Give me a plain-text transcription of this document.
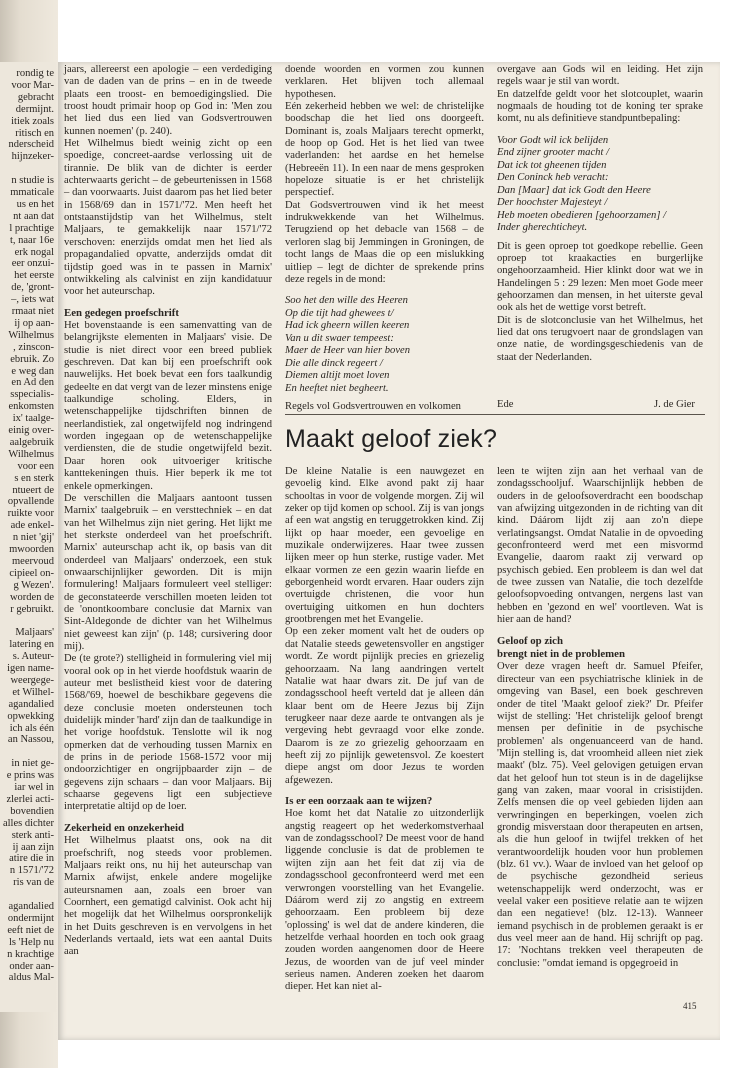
rondig te
voor Mar-
gebracht
dermijnt.
itiek zoals
ritisch en
nderscheid
hijnzeker-
n studie is
mmaticale
us en het
nt aan dat
l prachtige
t, naar 16e
erk nogal
eer onzui-
het eerste
de, 'gront-
–, iets wat
rmaat niet
ij op aan-
Wilhelmus
, zinscon-
ebruik. Zo
e weg dan
en Ad den
sspecialis-
enkomsten
ix' taalge-
einig over-
aalgebruik
Wilhelmus
voor een
s en sterk
ntueert de
opvallende
ruikte voor
ade enkel-
n niet 'gij'
mwoorden
meervoud
cipieel on-
g Wezen'.
worden de
r gebruikt.
Maljaars'
latering en
s. Auteur-
igen name-
weergege-
et Wilhel-
agandalied
opwekking
ich als één
an Nassou,
in niet ge-
e prins was
iar wel in
zlerlei acti-
bovendien
alles dichter
sterk anti-
ij aan zijn
atire die in
n 1571/'72
ris van de
agandalied
ondermijnt
eeft niet de
ls 'Help nu
n krachtige
onder aan-
aldus Mal-

jaars, allereerst een apologie – een verdediging van de daden van de prins – en in de tweede plaats een troost- en bemoedigingslied. Die troost houdt primair hoop op God in: 'Men zou het lied dus een lied van Godsvertrouwen kunnen noemen' (p. 240).

Het Wilhelmus biedt weinig zicht op een spoedige, concreet-aardse verlossing uit de tirannie. De blik van de dichter is eerder achterwaarts gericht – de gebeurtenissen in 1568 – dan voorwaarts. Juist daarom pas het lied beter in 1568/69 dan in 1571/'72. Men heeft het ontstaanstijdstip van het Wilhelmus, stelt Maljaars, te gemakkelijk naar 1571/'72 verschoven: enerzijds omdat men het lied als propagandalied opvatte, anderzijds omdat dit tijdstip goed was in te passen in Marnix' ontwikkeling als calvinist en zijn kandidatuur voor het auteurschap.

Een gedegen proefschrift

Het bovenstaande is een samenvatting van de belangrijkste elementen in Maljaars' visie. De studie is niet direct voor een breed publiek geschreven. Dat kan bij een proefschrift ook nauwelijks. Het boek bevat een fors taalkundig gedeelte en dat vergt van de lezer minstens enige taalkundige scholing. Elders, in wetenschappelijke tijdschriften binnen de neerlandistiek, zal ongetwijfeld nog indringend worden ingegaan op de wetenschappelijke verdiensten, die de studie ongetwijfeld bezit. Daar horen ook uitvoeriger kritische kanttekeningen thuis. Hier beperk ik me tot enkele opmerkingen.

De verschillen die Maljaars aantoont tussen Marnix' taalgebruik – en versttechniek – en dat van het Wilhelmus zijn niet gering. Het lijkt me het sterkste onderdeel van het proefschrift. Marnix' auteurschap acht ik, op basis van dit onderdeel van Maljaars' onderzoek, een stuk onwaarschijnlijker geworden. Dit is mijn formulering! Maljaars formuleert veel stelliger: de geconstateerde verschillen moeten leiden tot de 'onontkoombare conclusie dat Marnix van Sint-Aldegonde de dichter van het Wilhelmus niet geweest kan zijn' (p. 148; cursivering door mij).

De (te grote?) stelligheid in formulering viel mij vooral ook op in het vierde hoofdstuk waarin de auteur met beslistheid kiest voor de datering 1568/'69, hoewel de beschikbare gegevens die deze conclusie moeten ondersteunen toch duidelijk minder 'hard' zijn dan de taalkundige in het vorige hoofdstuk. Tenslotte wil ik nog opmerken dat de verhouding tussen Marnix en de prins in de periode 1568-1572 voor mij ondoorzichtiger en ongrijpbaarder zijn – de gegevens zijn schaars – dan voor Maljaars. Bij schaarse gegevens ligt een subjectieve interpretatie altijd op de loer.

Zekerheid en onzekerheid

Het Wilhelmus plaatst ons, ook na dit proefschrift, nog steeds voor problemen. Maljaars reikt ons, nu hij het auteurschap van Marnix afwijst, enkele andere mogelijke auteursnamen aan, zoals een broer van Coornhert, een gematigd calvinist. Ook acht hij het mogelijk dat het Wilhelmus oorspronkelijk in het Duits geschreven is en vervolgens in het Nederlands vertaald, iets wat een aantal Duits aan

doende woorden en vormen zou kunnen verklaren. Het blijven toch allemaal hypothesen.

Eén zekerheid hebben we wel: de christelijke boodschap die het lied ons doorgeeft. Dominant is, zoals Maljaars terecht opmerkt, de hoop op God. Het is het lied van twee vaderlanden: het aardse en het hemelse (Hebreeën 11). In een naar de mens gesproken hopeloze situatie is er het christelijk perspectief.

Dat Godsvertrouwen vind ik het meest indrukwekkende van het Wilhelmus. Terugziend op het debacle van 1568 – de verloren slag bij Jemmingen in Groningen, de tocht langs de Maas die op een mislukking uitliep – legt de dichter de sprekende prins deze regels in de mond:

Soo het den wille des Heeren
Op die tijt had ghewees t/
Had ick gheern willen keeren
Van u dit swaer tempeest:
Maer de Heer van hier boven
Die alle dinck regeert /
Diemen altijt moet loven
En heeftet niet begheert.

Regels vol Godsvertrouwen en volkomen

overgave aan Gods wil en leiding. Het zijn regels waar je stil van wordt.

En datzelfde geldt voor het slotcouplet, waarin nogmaals de houding tot de koning ter sprake komt, nu als definitieve standpuntbepaling:

Voor Godt wil ick belijden
End zijner grooter macht /
Dat ick tot gheenen tijden
Den Coninck heb veracht:
Dan [Maar] dat ick Godt den Heere
Der hoochster Majesteyt /
Heb moeten obedieren [gehoorzamen] /
Inder gherechticheyt.

Dit is geen oproep tot goedkope rebellie. Geen oproep tot kraakacties en burgerlijke ongehoorzaamheid. Hier klinkt door wat we in Handelingen 5 : 29 lezen: Men moet Gode meer gehoorzamen dan mensen, in het uiterste geval ook als het de wettige vorst betreft.

Dit is de slotconclusie van het Wilhelmus, het lied dat ons terugvoert naar de grondslagen van onze natie, de wordingsgeschiedenis van de staat der Nederlanden.

Ede	J. de Gier
Maakt geloof ziek?

De kleine Natalie is een nauwgezet en gevoelig kind. Elke avond pakt zij haar schooltas in voor de volgende morgen. Zij wil zeker op tijd komen op school. Zij is van jongs af een wat angstig en teruggetrokken kind. Zij lijkt op haar moeder, een gevoelige en muzikale onderwijzeres. Haar twee zussen lijken meer op hun sterke, rustige vader. Met elkaar vormen ze een gezin waarin liefde en geborgenheid wordt ervaren. Haar ouders zijn overtuigde christenen, die voor hun overtuiging uitkomen en hun dochters grootbrengen met het Evangelie.

Op een zeker moment valt het de ouders op dat Natalie steeds gewetensvoller en angstiger wordt. Ze wordt pijnlijk precies en griezelig gehoorzaam. Na lang aandringen vertelt Natalie wat haar dwars zit. De juf van de zondagsschool heeft verteld dat je alleen dán klaar bent om de Heere Jezus bij Zijn terugkeer naar deze aarde te ontvangen als je vergeving hebt gevraagd voor elke zonde. Daarom is ze zo griezelig gehoorzaam en heeft zij zo pijnlijk gewetensvol. Ze koestert diepe angst om door Jezus te worden afgewezen.

Is er een oorzaak aan te wijzen?

Hoe komt het dat Natalie zo uitzonderlijk angstig reageert op het wederkomstverhaal van de zondagsschool? De meest voor de hand liggende conclusie is dat de problemen te wijten zijn aan het feit dat zij via de zondagsschool geconfronteerd werd met een verwrongen voorstelling van het Evangelie. Dáárom werd zij zo angstig en extreem gehoorzaam. Een probleem bij deze 'oplossing' is wel dat de andere kinderen, die hetzelfde verhaal hoorden en toch ook graag zouden worden aangenomen door de Heere Jezus, de woorden van de juf veel minder serieus namen. Anderen zoeken het daarom dieper. Het kan niet al-

leen te wijten zijn aan het verhaal van de zondagsschooljuf. Waarschijnlijk hebben de ouders in de geloofsoverdracht een boodschap van afwijzing uitgezonden in de richting van dit kind. Dáárom lijdt zij aan zo'n diepe verlatingsangst. Omdat Natalie in de opvoeding geconfronteerd werd met een misvormd Evangelie, daarom raakt zij verward op psychisch gebied. Een probleem is dan wel dat de twee zussen van Natalie, die toch dezelfde geloofsopvoeding ontvangen, nergens last van hebben en 'gezond en wel' voortleven. Wat is hier aan de hand?

Geloof op zich
brengt niet in de problemen

Over deze vragen heeft dr. Samuel Pfeifer, directeur van een psychiatrische kliniek in de omgeving van Basel, een boek geschreven onder de titel 'Maakt geloof ziek?' Dr. Pfeifer wijst de stelling: 'Het christelijk geloof brengt mensen per definitie in de psychische problemen' als ongenuanceerd van de hand. 'Mijn stelling is, dat vroomheid alleen niet ziek maakt' (blz. 75). Veel gelovigen getuigen ervan dat het geloof hun tot steun is in de dagelijkse gang van zaken, maar vooral in crisistijden. Zelfs mensen die op veel gebieden lijden aan verwringingen en beperkingen, voelen zich grondig misverstaan door therapeuten en artsen, als die hun geloof in twijfel trekken of het verantwoordelijk houden voor hun problemen (blz. 61 vv.). Waar de invloed van het geloof op de psychische gezondheid serieus wetenschappelijk werd onderzocht, was er veelal vaker een positieve relatie aan te wijzen dan een negatieve! (blz. 12-13). Wanneer iemand psychisch in de problemen geraakt is er dus veel meer aan de hand. Hij schrijft op pag. 17: 'Nochtans trekken veel therapeuten de conclusie: "omdat iemand is opgegroeid in

415
